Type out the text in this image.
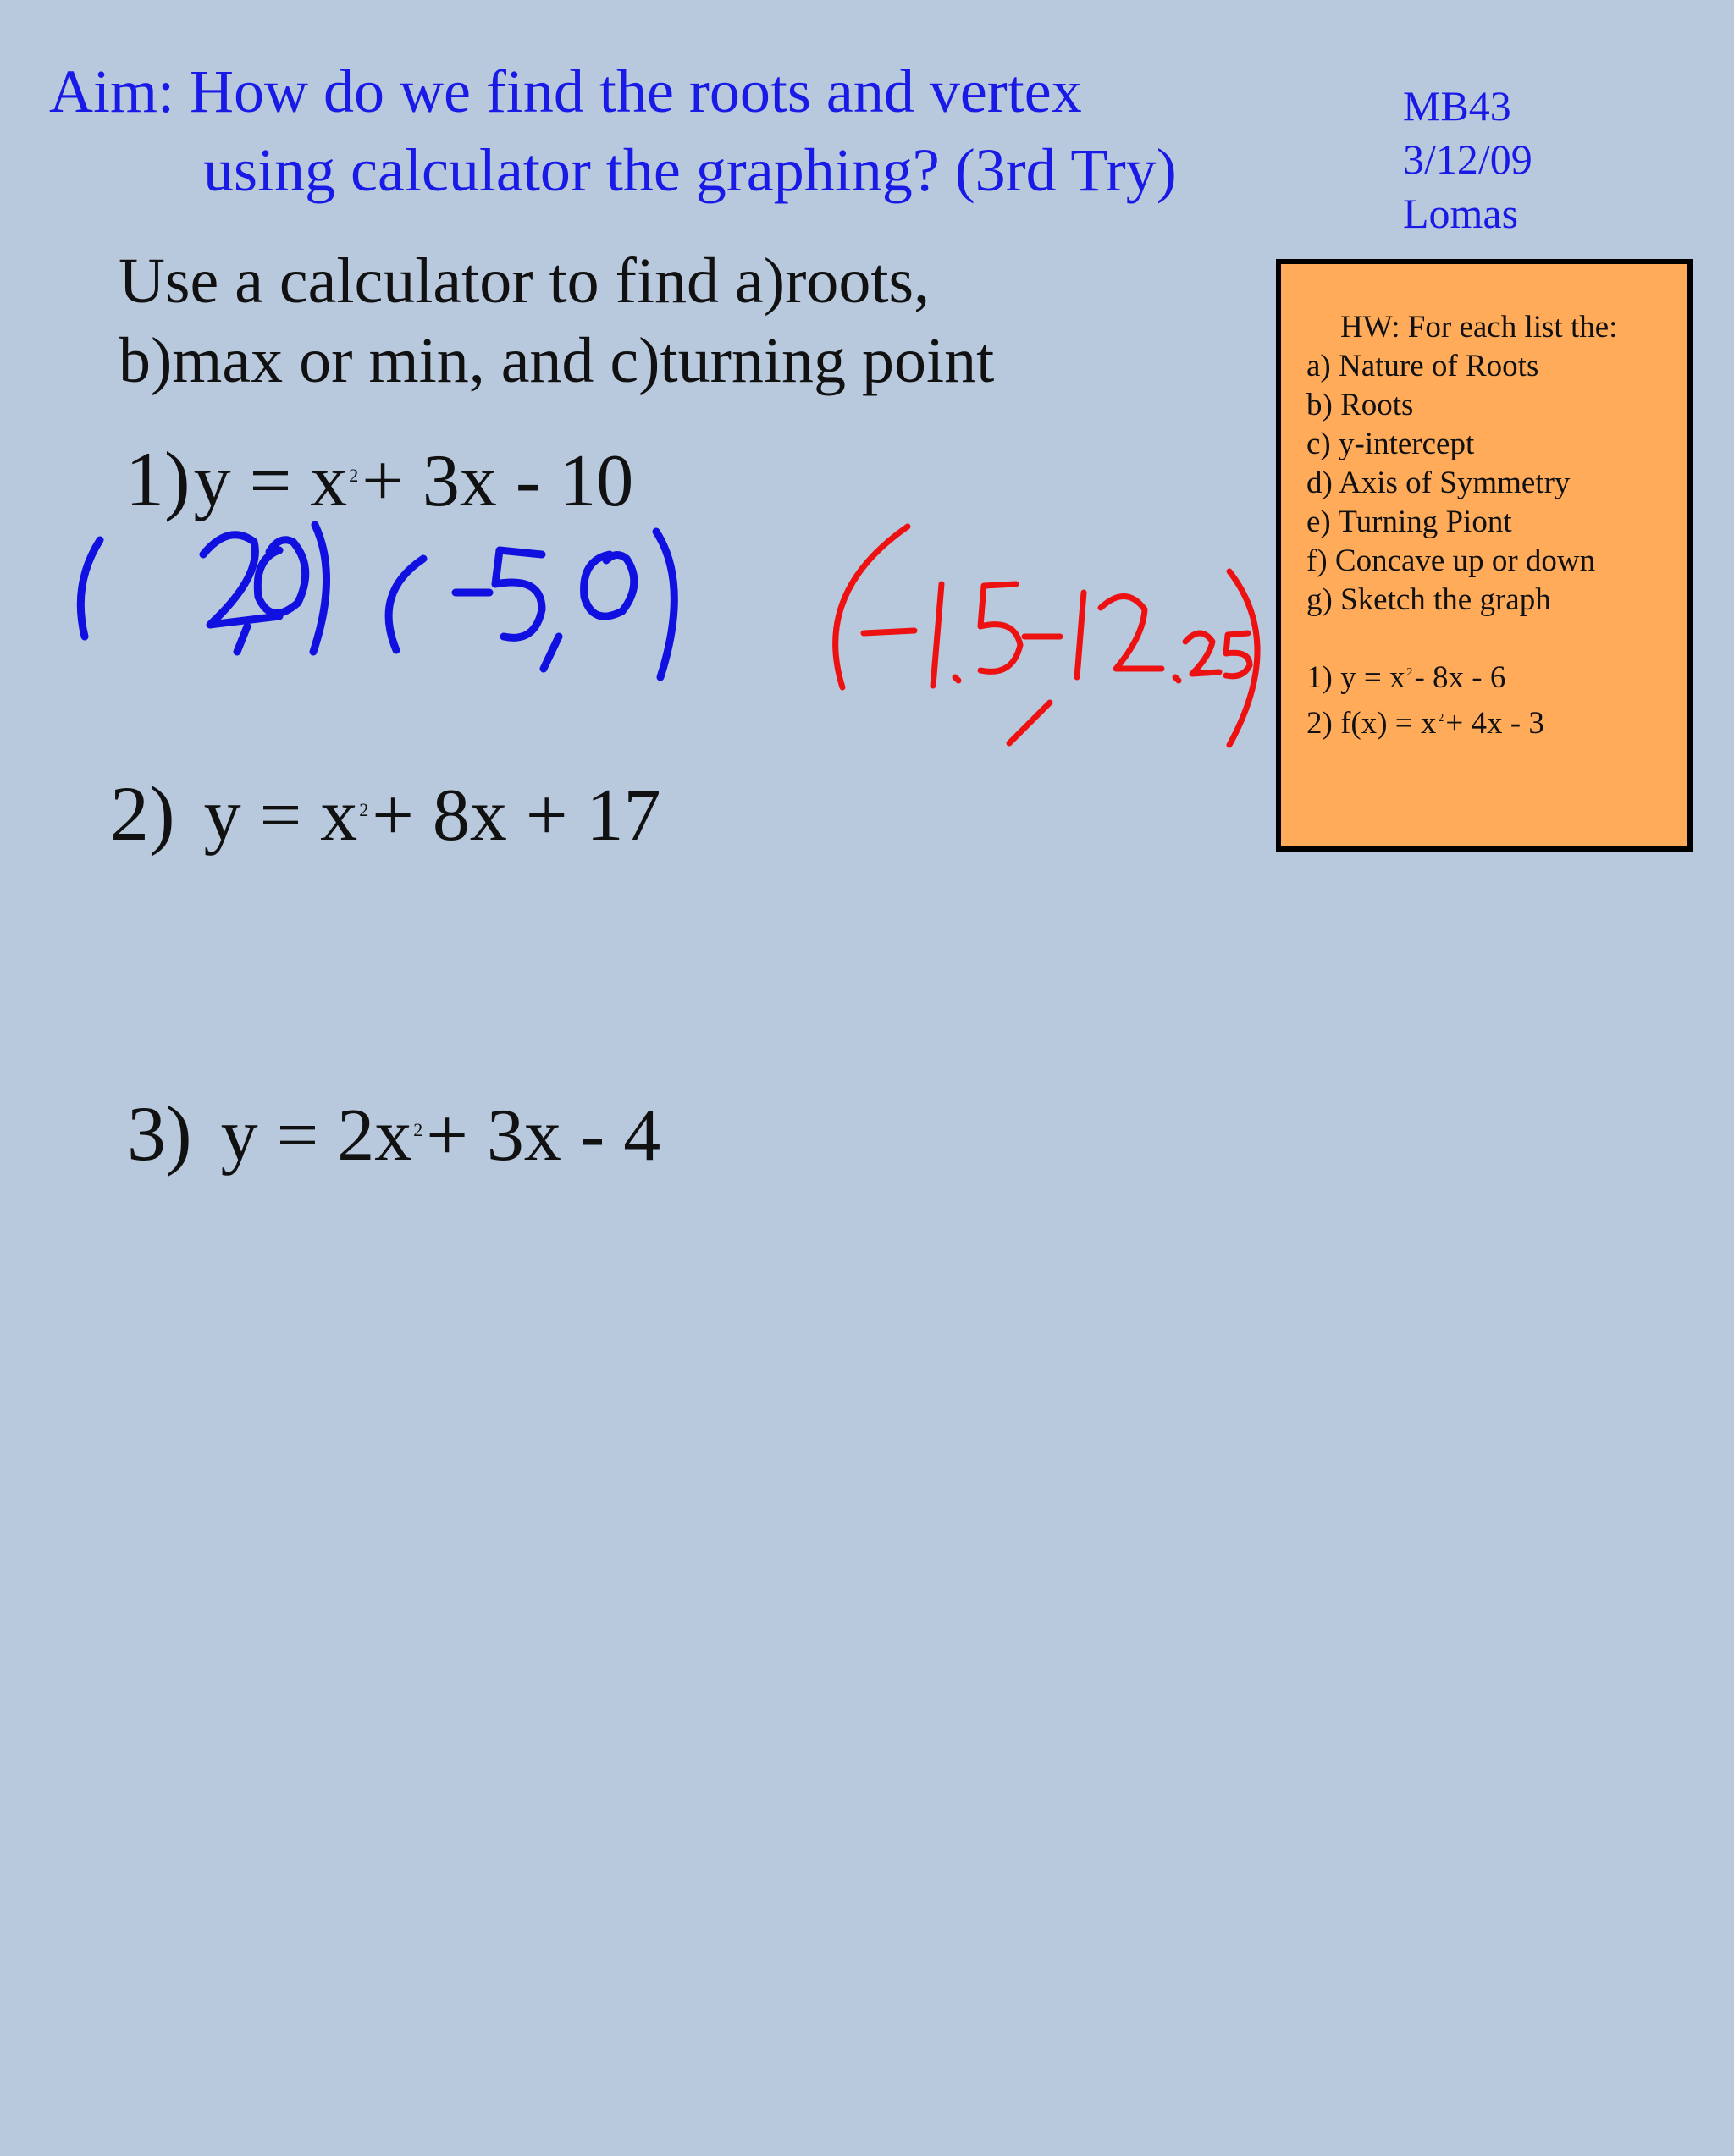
Aim: How do we find the roots and vertex
using calculator the graphing? (3rd Try)
MB43
3/12/09
Lomas
Use a calculator to find a)roots,
b)max or min, and c)turning point
1) $y = x^2+ 3x - 10$
2) $y = x^2+ 8x + 17$
3) $y = 2x^2+ 3x - 4$
HW: For each list the:
a) Nature of Roots
b) Roots
c) y-intercept
d) Axis of Symmetry
e) Turning Piont
f) Concave up or down
g) Sketch the graph
1) y = x $^2$- 8x - 6
2) f(x) = x $^2$+ 4x - 3
